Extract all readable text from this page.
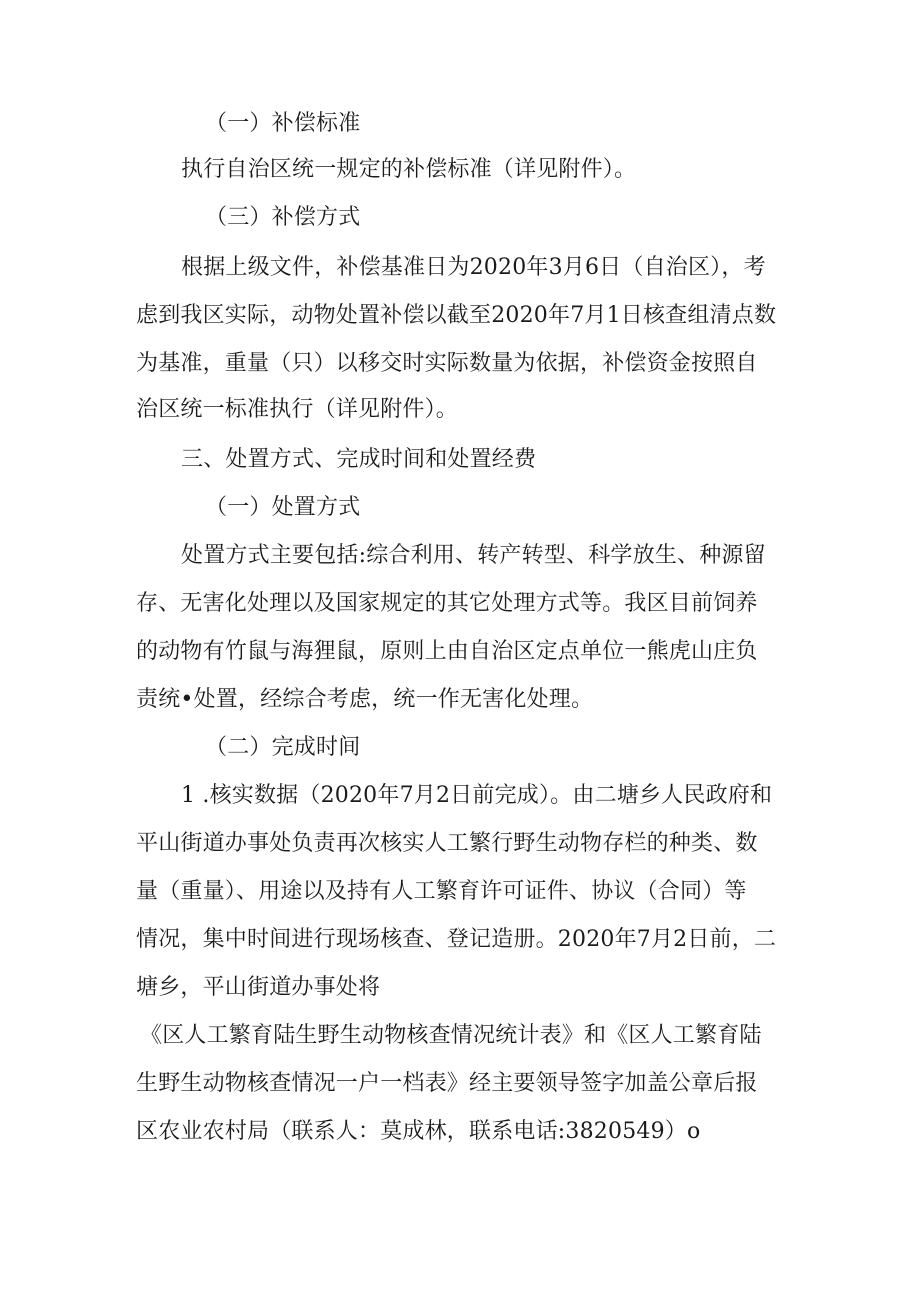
（一）补偿标准
执行自治区统一规定的补偿标准（详见附件）。
（三）补偿方式
根据上级文件，补偿基准日为2020年3月6日（自治区），考
虑到我区实际，动物处置补偿以截至2020年7月1日核查组清点数
为基准，重量（只）以移交时实际数量为依据，补偿资金按照自
治区统一标准执行（详见附件）。
三、处置方式、完成时间和处置经费
（一）处置方式
处置方式主要包括:综合利用、转产转型、科学放生、种源留
存、无害化处理以及国家规定的其它处理方式等。我区目前饲养
的动物有竹鼠与海狸鼠，原则上由自治区定点单位一熊虎山庄负
责统•处置，经综合考虑，统一作无害化处理。
（二）完成时间
1 .核实数据（2020年7月2日前完成）。由二塘乡人民政府和
平山街道办事处负责再次核实人工繁行野生动物存栏的种类、数
量（重量）、用途以及持有人工繁育许可证件、协议（合同）等
情况，集中时间进行现场核查、登记造册。2020年7月2日前，二
塘乡，平山街道办事处将
《区人工繁育陆生野生动物核查情况统计表》和《区人工繁育陆
生野生动物核查情况一户一档表》经主要领导签字加盖公章后报
区农业农村局（联系人：莫成林，联系电话:3820549）o
